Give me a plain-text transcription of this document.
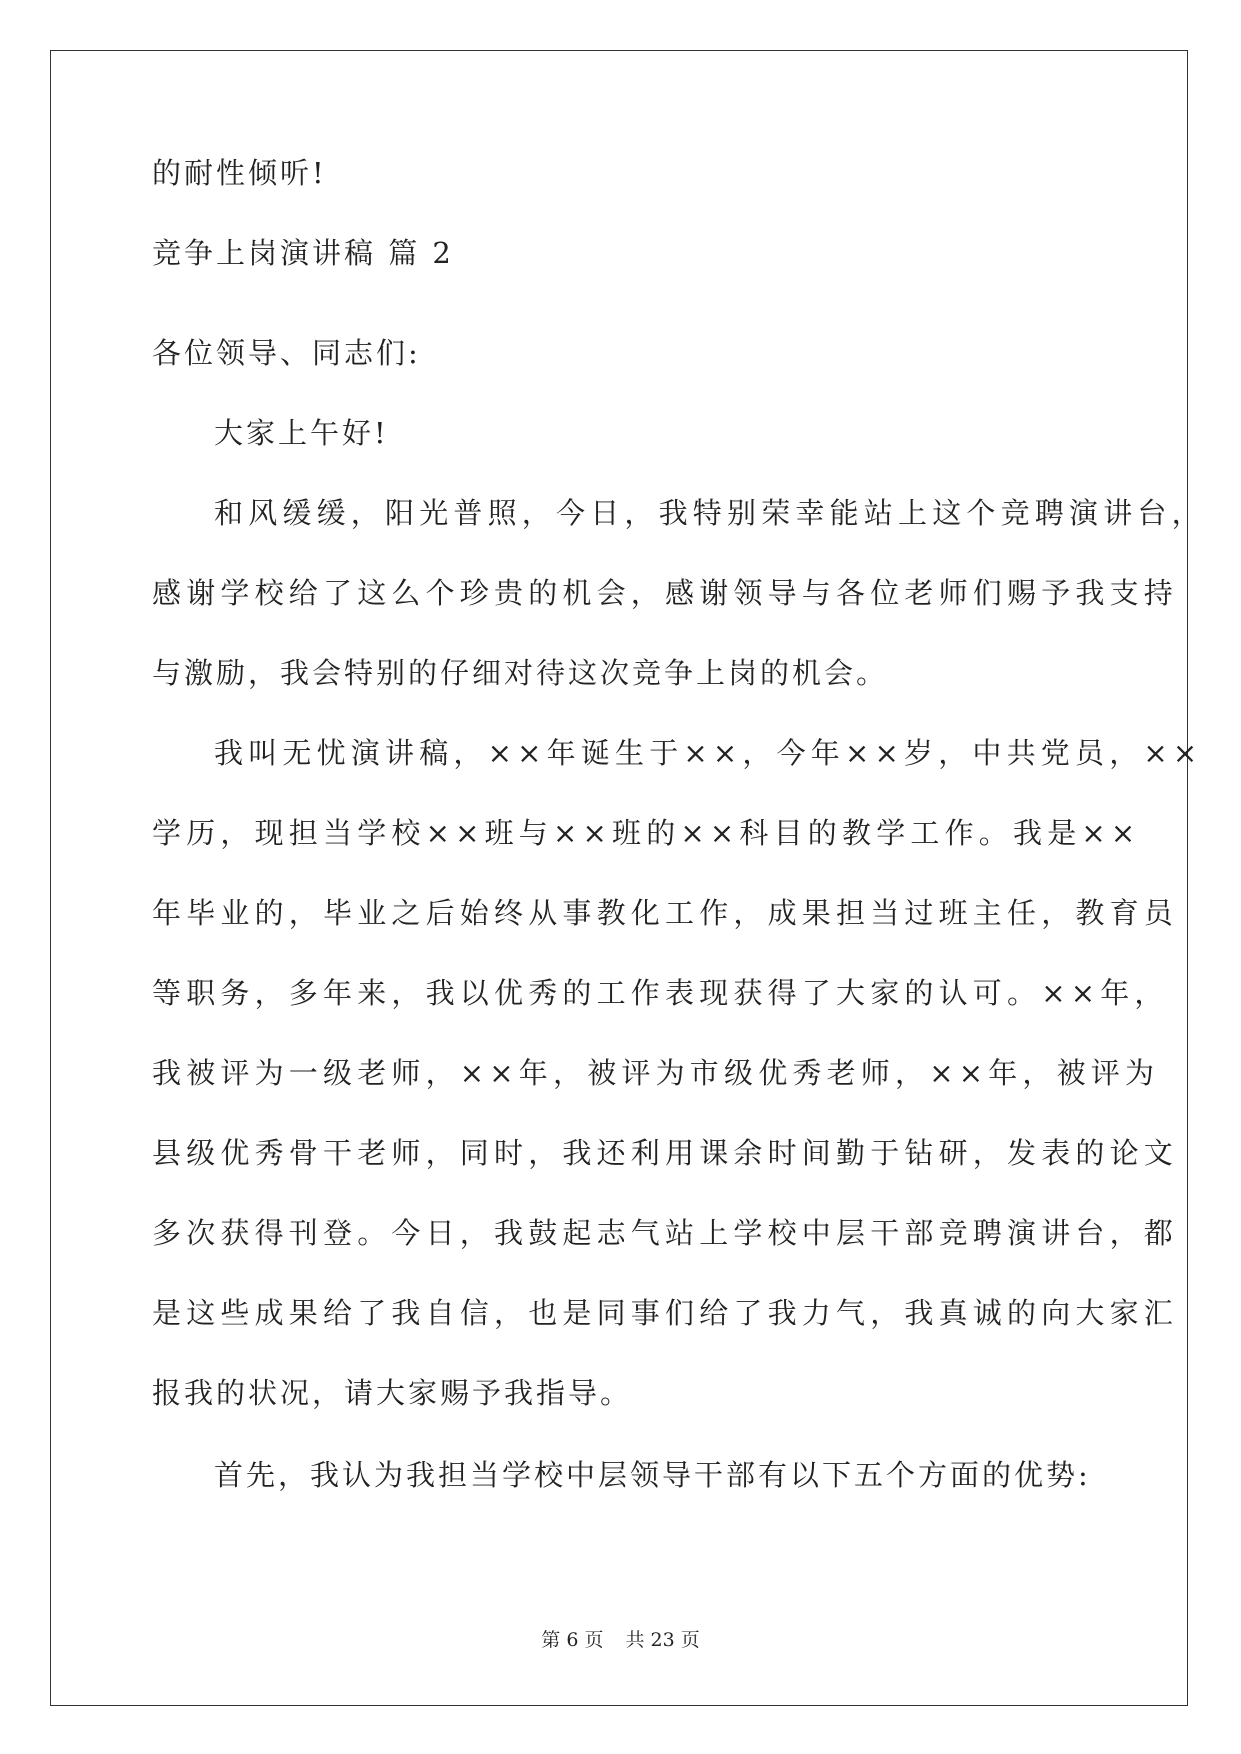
的耐性倾听!
竞争上岗演讲稿 篇 2
各位领导、同志们:
大家上午好!
和风缓缓，阳光普照，今日，我特别荣幸能站上这个竞聘演讲台，
感谢学校给了这么个珍贵的机会，感谢领导与各位老师们赐予我支持
与激励，我会特别的仔细对待这次竞争上岗的机会。
我叫无忧演讲稿，××年诞生于××，今年××岁，中共党员，××
学历，现担当学校××班与××班的××科目的教学工作。我是××
年毕业的，毕业之后始终从事教化工作，成果担当过班主任，教育员
等职务，多年来，我以优秀的工作表现获得了大家的认可。××年，
我被评为一级老师，××年，被评为市级优秀老师，××年，被评为
县级优秀骨干老师，同时，我还利用课余时间勤于钻研，发表的论文
多次获得刊登。今日，我鼓起志气站上学校中层干部竞聘演讲台，都
是这些成果给了我自信，也是同事们给了我力气，我真诚的向大家汇
报我的状况，请大家赐予我指导。
首先，我认为我担当学校中层领导干部有以下五个方面的优势:
第 6 页 共 23 页
